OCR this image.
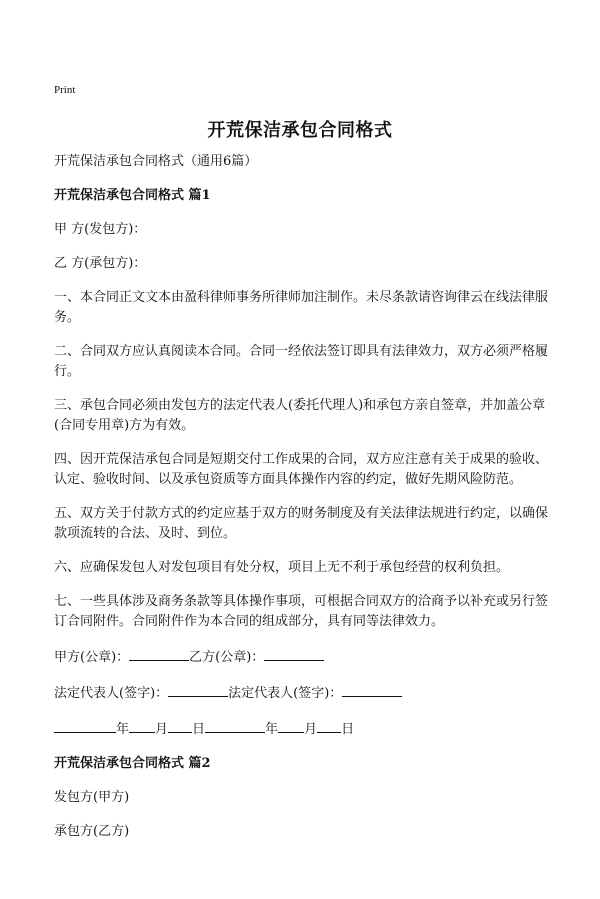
Print
开荒保洁承包合同格式

开荒保洁承包合同格式（通用6篇）

开荒保洁承包合同格式 篇1

甲 方(发包方)：

乙 方(承包方)：

一、本合同正文文本由盈科律师事务所律师加注制作。未尽条款请咨询律云在线法律服务。

二、合同双方应认真阅读本合同。合同一经依法签订即具有法律效力，双方必须严格履行。

三、承包合同必须由发包方的法定代表人(委托代理人)和承包方亲自签章，并加盖公章(合同专用章)方为有效。

四、因开荒保洁承包合同是短期交付工作成果的合同，双方应注意有关于成果的验收、认定、验收时间、以及承包资质等方面具体操作内容的约定，做好先期风险防范。

五、双方关于付款方式的约定应基于双方的财务制度及有关法律法规进行约定，以确保款项流转的合法、及时、到位。

六、应确保发包人对发包项目有处分权，项目上无不利于承包经营的权利负担。

七、一些具体涉及商务条款等具体操作事项，可根据合同双方的洽商予以补充或另行签订合同附件。合同附件作为本合同的组成部分，具有同等法律效力。

甲方(公章)：	乙方(公章)：

法定代表人(签字)：	法定代表人(签字)：

年 月 日	年 月 日

开荒保洁承包合同格式 篇2

发包方(甲方)

承包方(乙方)
